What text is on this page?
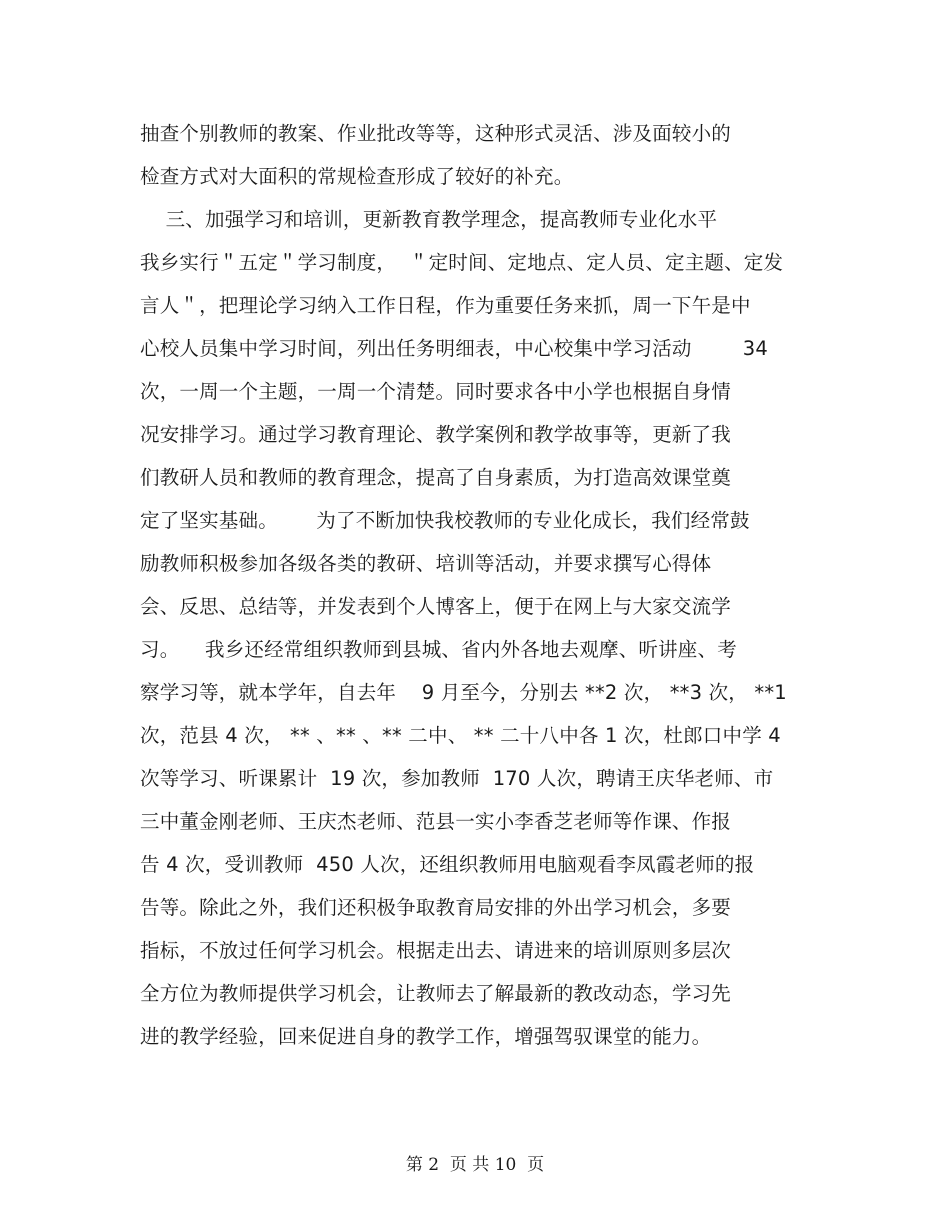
抽查个别教师的教案、作业批改等等，这种形式灵活、涉及面较小的
检查方式对大面积的常规检查形成了较好的补充。
三、加强学习和培训，更新教育教学理念，提高教师专业化水平
我乡实行＂五定＂学习制度，  ＂定时间、定地点、定人员、定主题、定发
言人＂，把理论学习纳入工作日程，作为重要任务来抓，周一下午是中
心校人员集中学习时间，列出任务明细表，中心校集中学习活动        34
次，一周一个主题，一周一个清楚。同时要求各中小学也根据自身情
况安排学习。通过学习教育理论、教学案例和教学故事等，更新了我
们教研人员和教师的教育理念，提高了自身素质，为打造高效课堂奠
定了坚实基础。      为了不断加快我校教师的专业化成长，我们经常鼓
励教师积极参加各级各类的教研、培训等活动，并要求撰写心得体
会、反思、总结等，并发表到个人博客上，便于在网上与大家交流学
习。    我乡还经常组织教师到县城、省内外各地去观摩、听讲座、考
察学习等，就本学年，自去年    9 月至今，分别去 **2 次， **3 次， **1
次，范县 4 次， ** 、** 、** 二中、 ** 二十八中各 1 次，杜郎口中学 4
次等学习、听课累计  19 次，参加教师  170 人次，聘请王庆华老师、市
三中董金刚老师、王庆杰老师、范县一实小李香芝老师等作课、作报
告 4 次，受训教师  450 人次，还组织教师用电脑观看李凤霞老师的报
告等。除此之外，我们还积极争取教育局安排的外出学习机会，多要
指标，不放过任何学习机会。根据走出去、请进来的培训原则多层次
全方位为教师提供学习机会，让教师去了解最新的教改动态，学习先
进的教学经验，回来促进自身的教学工作，增强驾驭课堂的能力。
第 2  页 共 10  页
